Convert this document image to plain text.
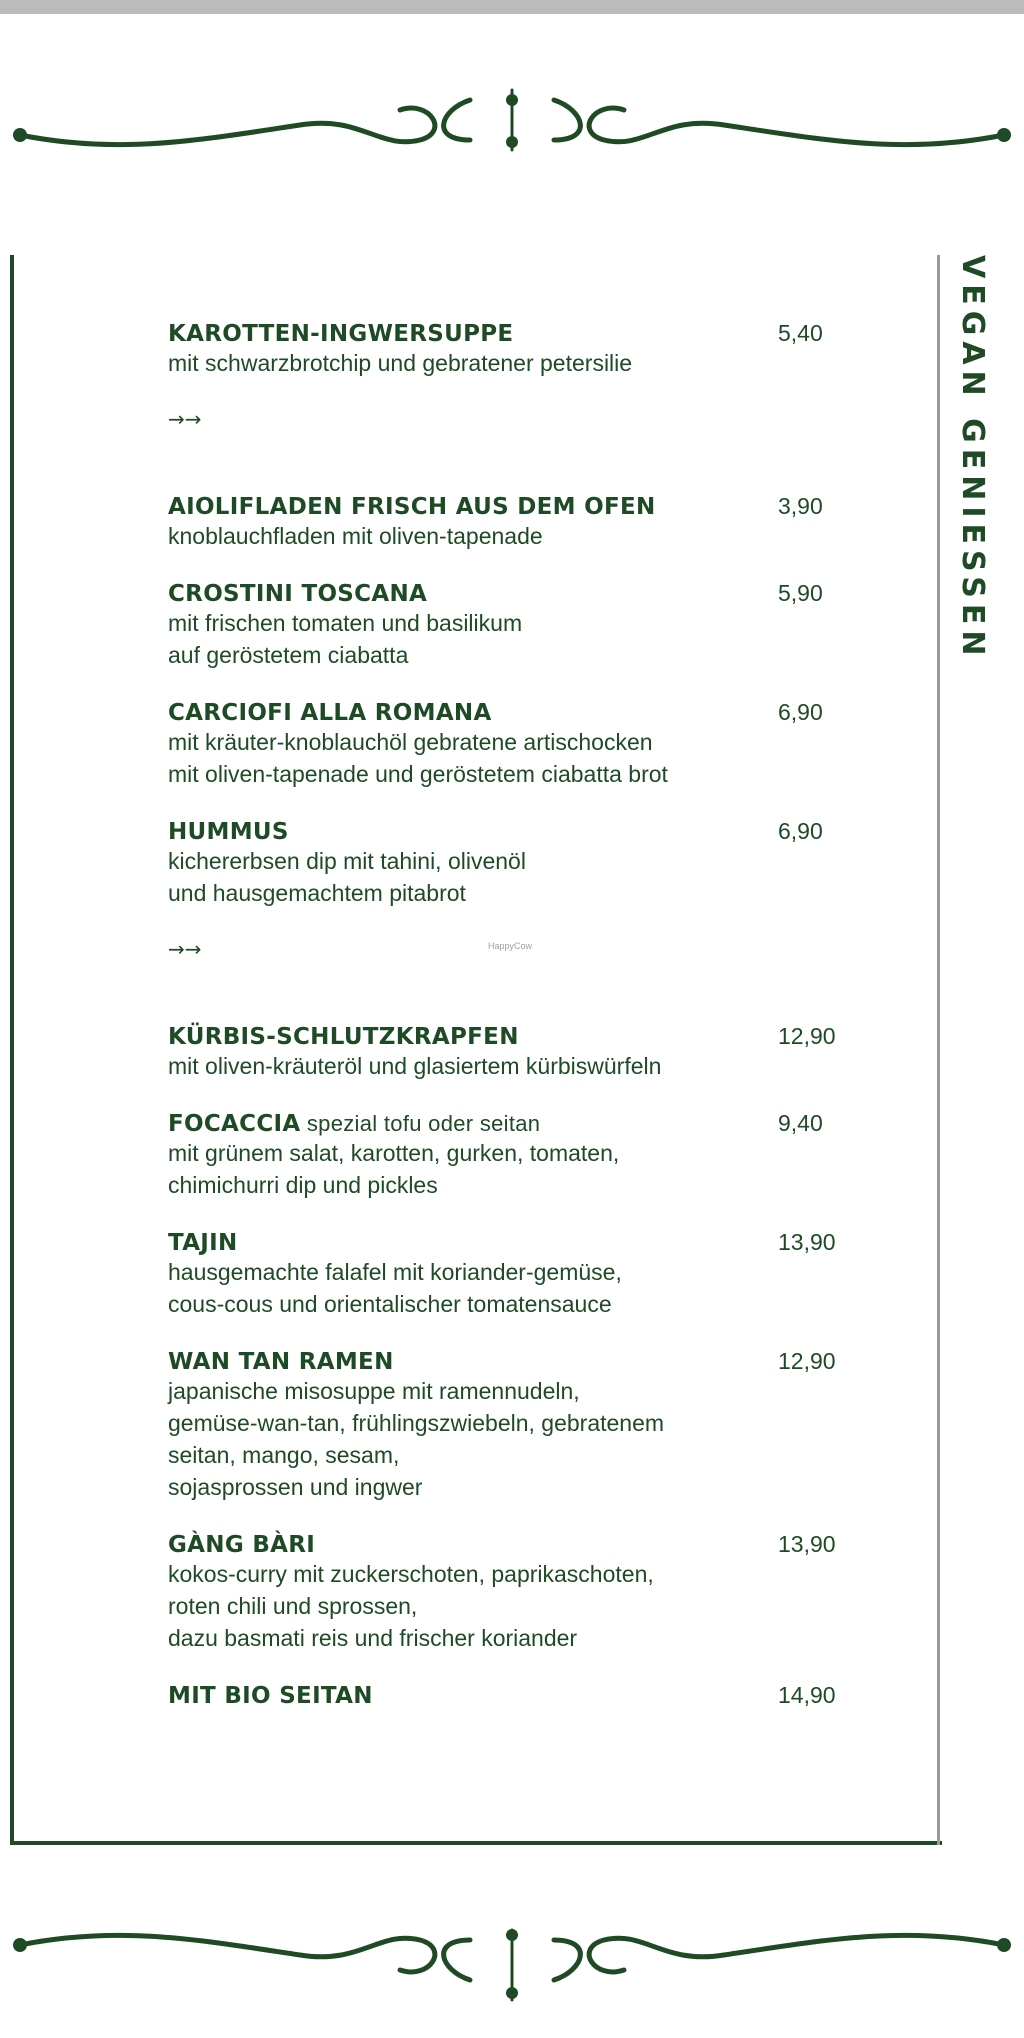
VEGAN GENIESSEN
KAROTTEN-INGWERSUPPE	5,40
mit schwarzbrotchip und gebratener petersilie
→→
AIOLIFLADEN FRISCH AUS DEM OFEN	3,90
knoblauchfladen mit oliven-tapenade
CROSTINI TOSCANA	5,90
mit frischen tomaten und basilikum
auf geröstetem ciabatta
CARCIOFI ALLA ROMANA	6,90
mit kräuter-knoblauchöl gebratene artischocken
mit oliven-tapenade und geröstetem ciabatta brot
HUMMUS	6,90
kichererbsen dip mit tahini, olivenöl
und hausgemachtem pitabrot
→→	HappyCow
KÜRBIS-SCHLUTZKRAPFEN	12,90
mit oliven-kräuteröl und glasiertem kürbiswürfeln
FOCACCIA spezial tofu oder seitan	9,40
mit grünem salat, karotten, gurken, tomaten,
chimichurri dip und pickles
TAJIN	13,90
hausgemachte falafel mit koriander-gemüse,
cous-cous und orientalischer tomatensauce
WAN TAN RAMEN	12,90
japanische misosuppe mit ramennudeln,
gemüse-wan-tan, frühlingszwiebeln, gebratenem
seitan, mango, sesam,
sojasprossen und ingwer
GÀNG BÀRI	13,90
kokos-curry mit zuckerschoten, paprikaschoten,
roten chili und sprossen,
dazu basmati reis und frischer koriander
MIT BIO SEITAN	14,90
